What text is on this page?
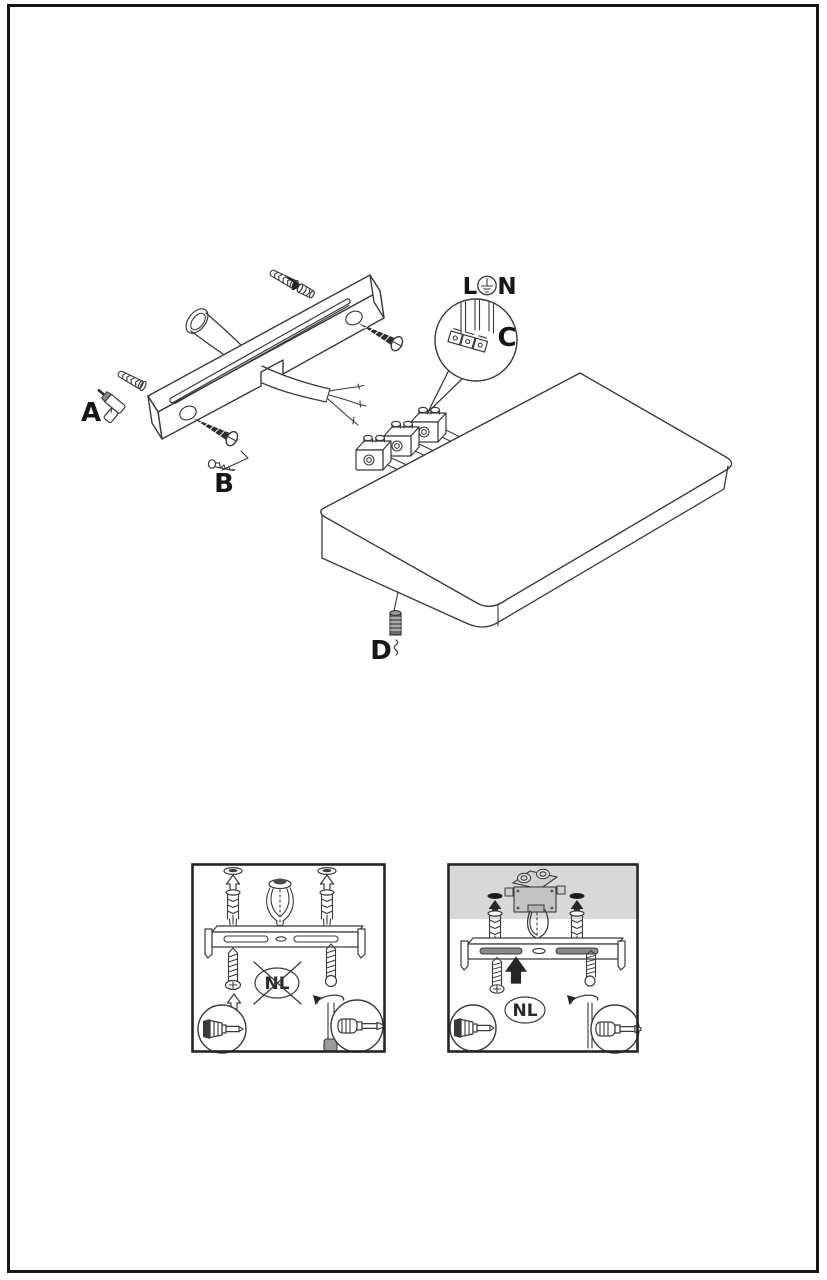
A
B
D
C
L N
NL
NL
